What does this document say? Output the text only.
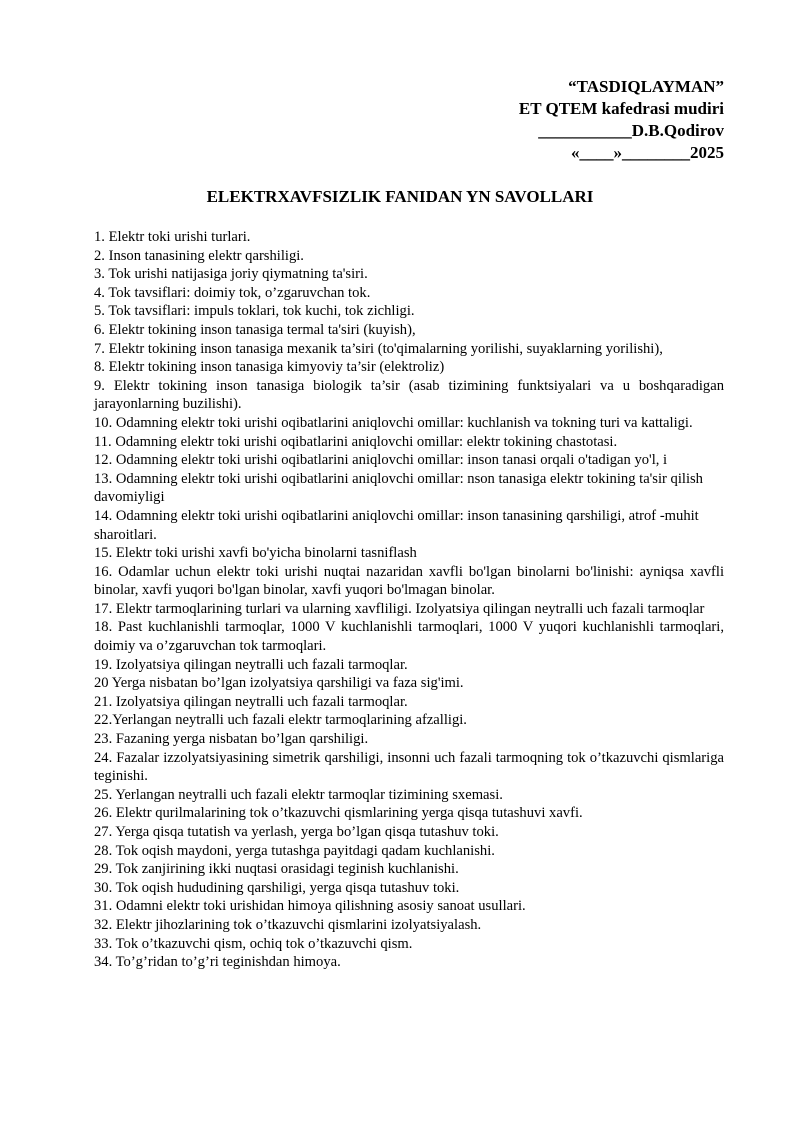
“TASDIQLAYMAN”
ET QTEM kafedrasi mudiri
___________D.B.Qodirov
«____»________2025
ELEKTRXAVFSIZLIK FANIDAN YN SAVOLLARI
1. Elektr toki urishi turlari.
2. Inson tanasining elektr qarshiligi.
3. Tok urishi natijasiga joriy qiymatning ta'siri.
4. Tok tavsiflari: doimiy tok, o’zgaruvchan tok.
5. Tok tavsiflari: impuls toklari, tok kuchi, tok zichligi.
6. Elektr tokining inson tanasiga termal ta'siri (kuyish),
7. Elektr tokining inson tanasiga mexanik ta’siri (to'qimalarning yorilishi, suyaklarning yorilishi),
8. Elektr tokining inson tanasiga kimyoviy ta’sir (elektroliz)
9. Elektr tokining inson tanasiga biologik ta’sir (asab tizimining funktsiyalari va u boshqaradigan jarayonlarning buzilishi).
10. Odamning elektr toki urishi oqibatlarini aniqlovchi omillar: kuchlanish va tokning turi va kattaligi.
11. Odamning elektr toki urishi oqibatlarini aniqlovchi omillar: elektr tokining chastotasi.
12. Odamning elektr toki urishi oqibatlarini aniqlovchi omillar: inson tanasi orqali o'tadigan yo'l, i
13. Odamning elektr toki urishi oqibatlarini aniqlovchi omillar: nson tanasiga elektr tokining ta'sir qilish davomiyligi
14. Odamning elektr toki urishi oqibatlarini aniqlovchi omillar: inson tanasining qarshiligi, atrof -muhit sharoitlari.
15. Elektr toki urishi xavfi bo'yicha binolarni tasniflash
16. Odamlar uchun elektr toki urishi nuqtai nazaridan xavfli bo'lgan binolarni bo'linishi: ayniqsa xavfli binolar, xavfi yuqori bo'lgan binolar, xavfi yuqori bo'lmagan binolar.
17. Elektr tarmoqlarining turlari va ularning xavfliligi. Izolyatsiya qilingan neytralli uch fazali tarmoqlar
18. Past kuchlanishli tarmoqlar, 1000 V kuchlanishli tarmoqlari, 1000 V yuqori kuchlanishli tarmoqlari, doimiy va o’zgaruvchan tok tarmoqlari.
19. Izolyatsiya qilingan neytralli uch fazali tarmoqlar.
20 Yerga nisbatan bo’lgan izolyatsiya qarshiligi va faza sig'imi.
21. Izolyatsiya qilingan neytralli uch fazali tarmoqlar.
22.Yerlangan neytralli uch fazali elektr tarmoqlarining afzalligi.
23. Fazaning yerga nisbatan bo’lgan qarshiligi.
24. Fazalar izzolyatsiyasining simetrik qarshiligi, insonni uch fazali tarmoqning tok o’tkazuvchi qismlariga teginishi.
25. Yerlangan neytralli uch fazali elektr tarmoqlar tizimining sxemasi.
26. Elektr qurilmalarining tok o’tkazuvchi qismlarining yerga qisqa tutashuvi xavfi.
27. Yerga qisqa tutatish va yerlash, yerga bo’lgan qisqa tutashuv toki.
28. Tok oqish maydoni, yerga tutashga payitdagi qadam kuchlanishi.
29. Tok zanjirining ikki nuqtasi orasidagi teginish kuchlanishi.
30. Tok oqish hududining qarshiligi, yerga qisqa tutashuv toki.
31. Odamni elektr toki urishidan himoya qilishning asosiy sanoat usullari.
32. Elektr jihozlarining tok o’tkazuvchi qismlarini izolyatsiyalash.
33. Tok o’tkazuvchi qism, ochiq tok o’tkazuvchi qism.
34. To’g’ridan to’g’ri teginishdan himoya.
